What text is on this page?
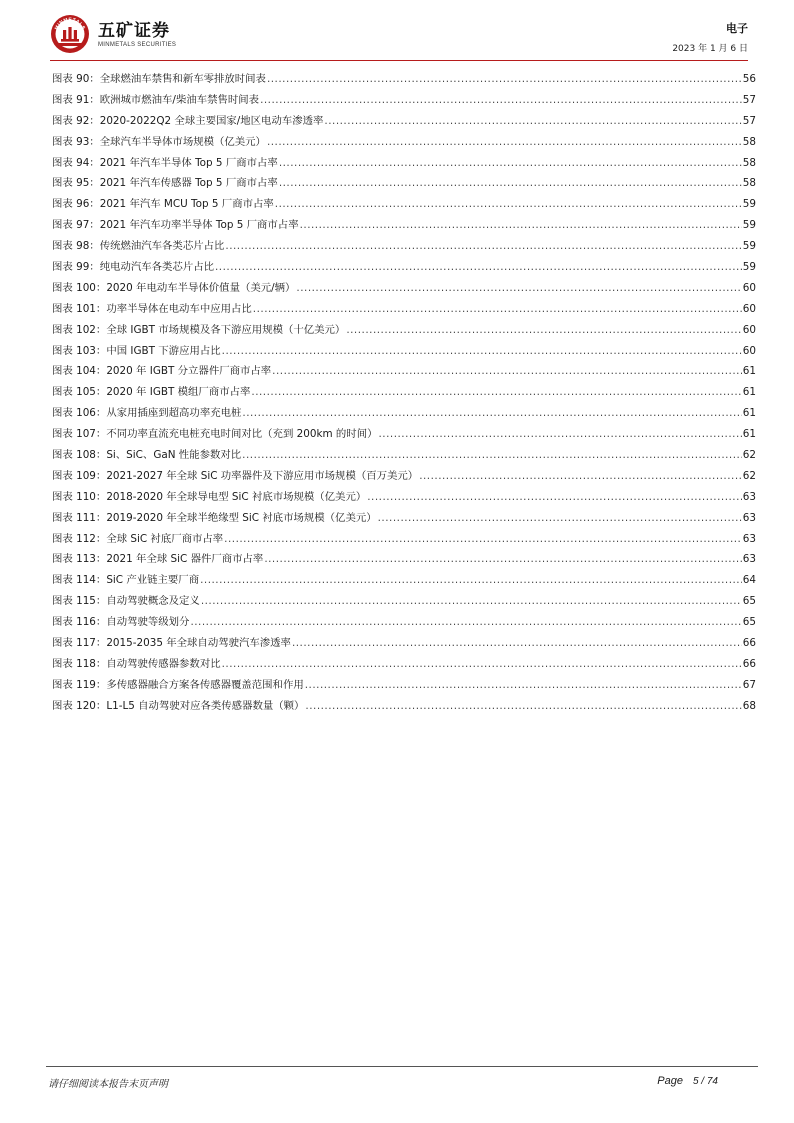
MINMETALS 五矿证券
MINMETALS SECURITIES
电子
2023 年 1 月 6 日
图表 90： 全球燃油车禁售和新车零排放时间表 .....	56
图表 91： 欧洲城市燃油车/柴油车禁售时间表 .....	57
图表 92： 2020-2022Q2 全球主要国家/地区电动车渗透率 .....	57
图表 93： 全球汽车半导体市场规模（亿美元） .....	58
图表 94： 2021 年汽车半导体 Top 5 厂商市占率 .....	58
图表 95： 2021 年汽车传感器 Top 5 厂商市占率 .....	58
图表 96： 2021 年汽车 MCU Top 5 厂商市占率 .....	59
图表 97： 2021 年汽车功率半导体 Top 5 厂商市占率 .....	59
图表 98： 传统燃油汽车各类芯片占比 .....	59
图表 99： 纯电动汽车各类芯片占比 .....	59
图表 100： 2020 年电动车半导体价值量（美元/辆） .....	60
图表 101： 功率半导体在电动车中应用占比 .....	60
图表 102： 全球 IGBT 市场规模及各下游应用规模（十亿美元） .....	60
图表 103： 中国 IGBT 下游应用占比 .....	60
图表 104： 2020 年 IGBT 分立器件厂商市占率 .....	61
图表 105： 2020 年 IGBT 模组厂商市占率 .....	61
图表 106： 从家用插座到超高功率充电桩 .....	61
图表 107： 不同功率直流充电桩充电时间对比（充到 200km 的时间） .....	61
图表 108： Si、SiC、GaN 性能参数对比 .....	62
图表 109： 2021-2027 年全球 SiC 功率器件及下游应用市场规模（百万美元） .....	62
图表 110： 2018-2020 年全球导电型 SiC 衬底市场规模（亿美元） .....	63
图表 111： 2019-2020 年全球半绝缘型 SiC 衬底市场规模（亿美元） .....	63
图表 112： 全球 SiC 衬底厂商市占率 .....	63
图表 113： 2021 年全球 SiC 器件厂商市占率 .....	63
图表 114： SiC 产业链主要厂商 .....	64
图表 115： 自动驾驶概念及定义 .....	65
图表 116： 自动驾驶等级划分 .....	65
图表 117： 2015-2035 年全球自动驾驶汽车渗透率 .....	66
图表 118： 自动驾驶传感器参数对比 .....	66
图表 119： 多传感器融合方案各传感器覆盖范围和作用 .....	67
图表 120： L1-L5 自动驾驶对应各类传感器数量（颗） .....	68
请仔细阅读本报告末页声明	Page 5 / 74
